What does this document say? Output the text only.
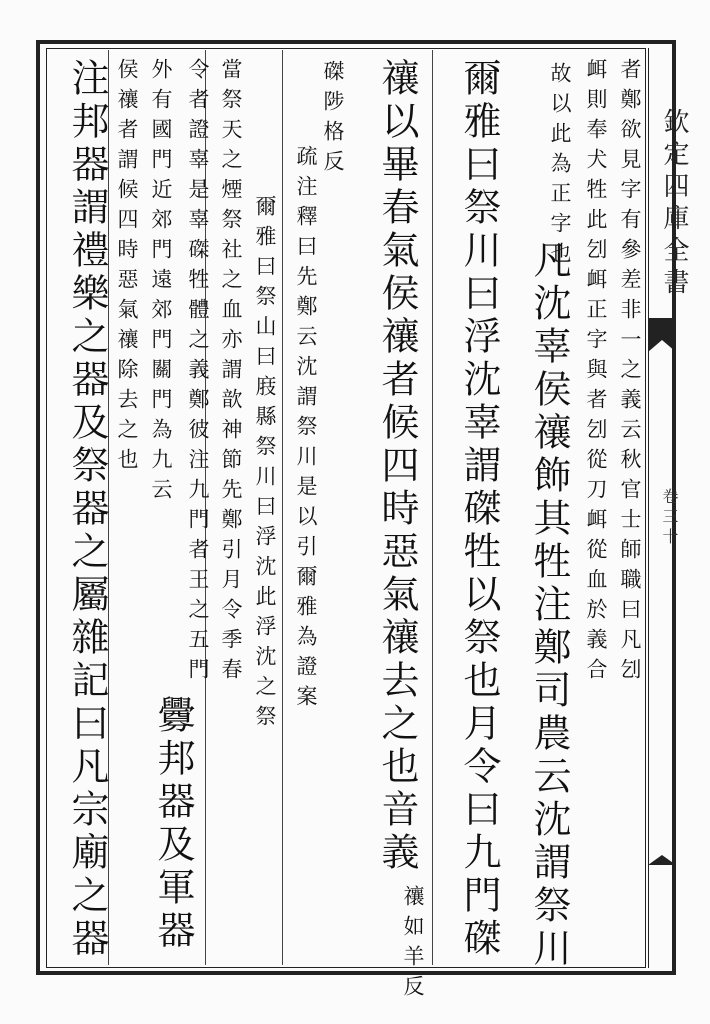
欽定四庫全書
卷三十
者鄭欲見字有參差非一之義云秋官士師職曰凡刉
衈則奉犬牲此刉衈正字與者刉從刀衈從血於義合
故以此為正字也
凡沈辜侯禳飾其牲注鄭司農云沈謂祭川
爾雅曰祭川曰浮沈辜謂磔牲以祭也月令曰九門磔
禳以畢春氣侯禳者候四時惡氣禳去之也音義
禳如羊反
磔陟格反
疏注釋曰先鄭云沈謂祭川是以引爾雅為證案
爾雅曰祭山曰庪縣祭川曰浮沈此浮沈之祭
當祭天之煙祭社之血亦謂歆神節先鄭引月令季春
令者證辜是辜磔牲體之義鄭彼注九門者王之五門
外有國門近郊門遠郊門關門為九云
侯禳者謂候四時惡氣禳除去之也
釁邦器及軍器
注邦器謂禮樂之器及祭器之屬雜記曰凡宗廟之器
